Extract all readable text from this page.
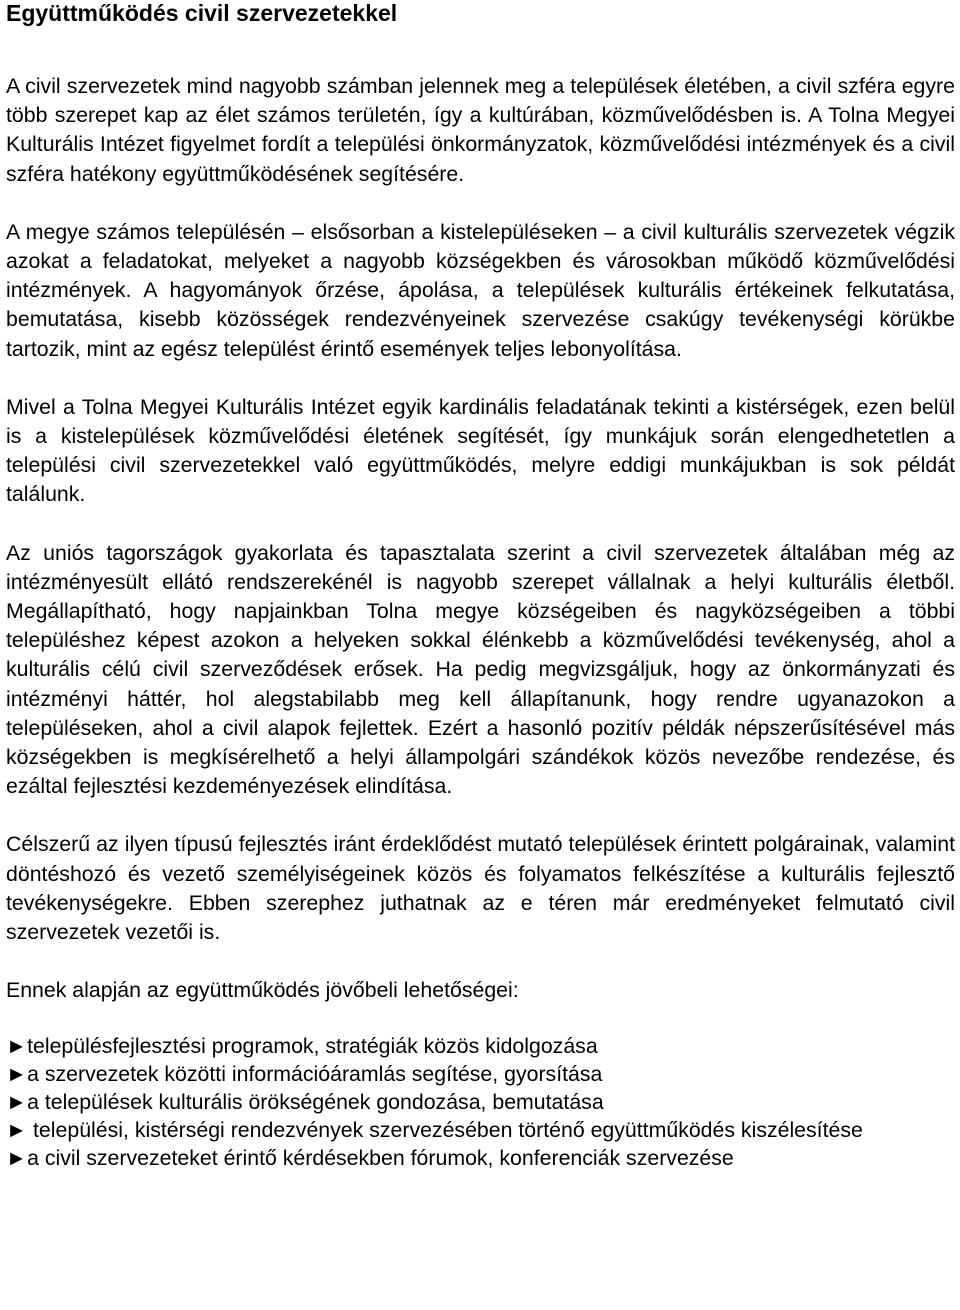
Együttműködés civil szervezetekkel

A civil szervezetek mind nagyobb számban jelennek meg a települések életében, a civil szféra egyre több szerepet kap az élet számos területén, így a kultúrában, közművelődésben is. A Tolna Megyei Kulturális Intézet figyelmet fordít a települési önkormányzatok, közművelődési intézmények és a civil szféra hatékony együttműködésének segítésére.

A megye számos településén – elsősorban a kistelepüléseken – a civil kulturális szervezetek végzik azokat a feladatokat, melyeket a nagyobb községekben és városokban működő közművelődési intézmények. A hagyományok őrzése, ápolása, a települések kulturális értékeinek felkutatása, bemutatása, kisebb közösségek rendezvényeinek szervezése csakúgy tevékenységi körükbe tartozik, mint az egész települést érintő események teljes lebonyolítása.

Mivel a Tolna Megyei Kulturális Intézet egyik kardinális feladatának tekinti a kistérségek, ezen belül is a kistelepülések közművelődési életének segítését, így munkájuk során elengedhetetlen a települési civil szervezetekkel való együttműködés, melyre eddigi munkájukban is sok példát találunk.

Az uniós tagországok gyakorlata és tapasztalata szerint a civil szervezetek általában még az intézményesült ellátó rendszerekénél is nagyobb szerepet vállalnak a helyi kulturális életből. Megállapítható, hogy napjainkban Tolna megye községeiben és nagyközségeiben a többi településhez képest azokon a helyeken sokkal élénkebb a közművelődési tevékenység, ahol a kulturális célú civil szerveződések erősek. Ha pedig megvizsgáljuk, hogy az önkormányzati és intézményi háttér, hol alegstabilabb meg kell állapítanunk, hogy rendre ugyanazokon a településeken, ahol a civil alapok fejlettek. Ezért a hasonló pozitív példák népszerűsítésével más községekben is megkísérelhető a helyi állampolgári szándékok közös nevezőbe rendezése, és ezáltal fejlesztési kezdeményezések elindítása.

Célszerű az ilyen típusú fejlesztés iránt érdeklődést mutató települések érintett polgárainak, valamint döntéshozó és vezető személyiségeinek közös és folyamatos felkészítése a kulturális fejlesztő tevékenységekre. Ebben szerephez juthatnak az e téren már eredményeket felmutató civil szervezetek vezetői is.

Ennek alapján az együttműködés jövőbeli lehetőségei:

►településfejlesztési programok, stratégiák közös kidolgozása
►a szervezetek közötti információáramlás segítése, gyorsítása
►a települések kulturális örökségének gondozása, bemutatása
► települési, kistérségi rendezvények szervezésében történő együttműködés kiszélesítése
►a civil szervezeteket érintő kérdésekben fórumok, konferenciák szervezése
